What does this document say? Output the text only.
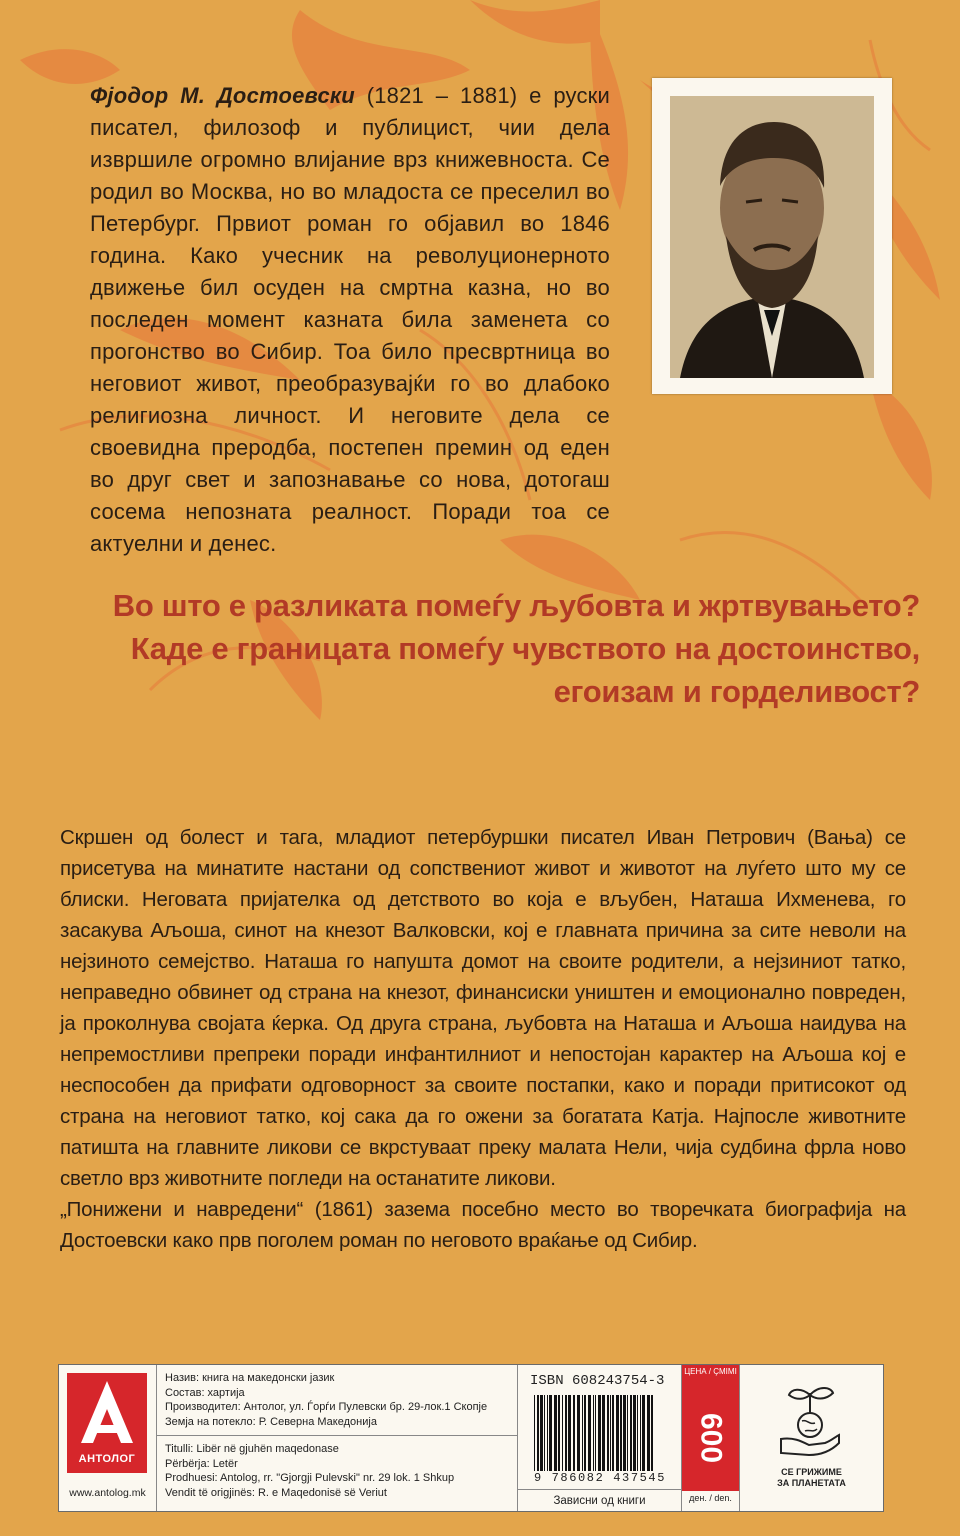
Фјодор М. Достоевски (1821 – 1881) е руски писател, филозоф и публицист, чии дела извршиле огромно влијание врз книжевноста. Се родил во Москва, но во младоста се преселил во Петербург. Првиот роман го објавил во 1846 година. Како учесник на револуционерното движење бил осуден на смртна казна, но во последен момент казната била заменета со прогонство во Сибир. Тоа било пресвртница во неговиот живот, преобразувајќи го во длабоко религиозна личност. И неговите дела се своевидна преродба, постепен премин од еден во друг свет и запознавање со нова, дотогаш сосема непозната реалност. Поради тоа се актуелни и денес.
Во што е разликата помеѓу љубовта и жртвувањето?
Каде е границата помеѓу чувството на достоинство,
егоизам и горделивост?

Скршен од болест и тага, младиот петербуршки писател Иван Петрович (Вања) се присетува на минатите настани од сопствениот живот и животот на луѓето што му се блиски. Неговата пријателка од детството во која е вљубен, Наташа Ихменева, го засакува Аљоша, синот на кнезот Валковски, кој е главната причина за сите неволи на нејзиното семејство. Наташа го напушта домот на своите родители, а нејзиниот татко, неправедно обвинет од страна на кнезот, финансиски уништен и емоционално повреден, ја проколнува својата ќерка. Од друга страна, љубовта на Наташа и Аљоша наидува на непремостливи препреки поради инфантилниот и непостојан карактер на Аљоша кој е неспособен да прифати одговорност за своите постапки, како и поради притисокот од страна на неговиот татко, кој сака да го ожени за богатата Катја. Најпосле животните патишта на главните ликови се вкрстуваат преку малата Нели, чија судбина фрла ново светло врз животните погледи на останатите ликови.

„Понижени и навредени“ (1861) зазема посебно место во творечката биографија на Достоевски како прв поголем роман по неговото враќање од Сибир.

АНТОЛОГ
www.antolog.mk
Назив: книга на македонски јазик
Состав: хартија
Производител: Антолог, ул. Ѓорѓи Пулевски бр. 29-лок.1 Скопје
Земја на потекло: Р. Северна Македонија
Titulli: Libër në gjuhën maqedonase
Përbërja: Letër
Prodhuesi: Antolog, rr. "Gjorgji Pulevski" nr. 29 lok. 1 Shkup
Vendit të origjinës: R. e Maqedonisë së Veriut
ISBN 608243754-3
9 786082 437545
Зависни од книги
ЦЕНА / ÇMIMI
600
ден. / den.
СЕ ГРИЖИМЕ
ЗА ПЛАНЕТАТА
